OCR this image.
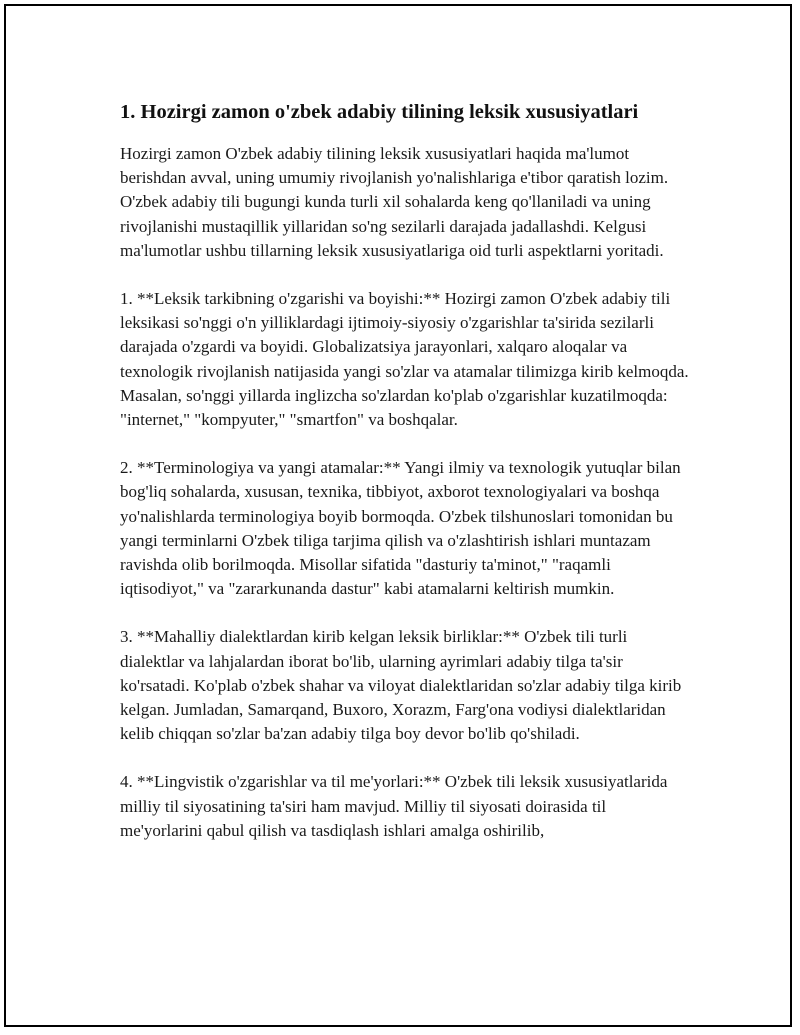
1. Hozirgi zamon o'zbek adabiy tilining leksik xususiyatlari

Hozirgi zamon O'zbek adabiy tilining leksik xususiyatlari haqida ma'lumot berishdan avval, uning umumiy rivojlanish yo'nalishlariga e'tibor qaratish lozim. O'zbek adabiy tili bugungi kunda turli xil sohalarda keng qo'llaniladi va uning rivojlanishi mustaqillik yillaridan so'ng sezilarli darajada jadallashdi. Kelgusi ma'lumotlar ushbu tillarning leksik xususiyatlariga oid turli aspektlarni yoritadi.

1. **Leksik tarkibning o'zgarishi va boyishi:** Hozirgi zamon O'zbek adabiy tili leksikasi so'nggi o'n yilliklardagi ijtimoiy-siyosiy o'zgarishlar ta'sirida sezilarli darajada o'zgardi va boyidi. Globalizatsiya jarayonlari, xalqaro aloqalar va texnologik rivojlanish natijasida yangi so'zlar va atamalar tilimizga kirib kelmoqda. Masalan, so'nggi yillarda inglizcha so'zlardan ko'plab o'zgarishlar kuzatilmoqda: "internet," "kompyuter," "smartfon" va boshqalar.

2. **Terminologiya va yangi atamalar:** Yangi ilmiy va texnologik yutuqlar bilan bog'liq sohalarda, xususan, texnika, tibbiyot, axborot texnologiyalari va boshqa yo'nalishlarda terminologiya boyib bormoqda. O'zbek tilshunoslari tomonidan bu yangi terminlarni O'zbek tiliga tarjima qilish va o'zlashtirish ishlari muntazam ravishda olib borilmoqda. Misollar sifatida "dasturiy ta'minot," "raqamli iqtisodiyot," va "zararkunanda dastur" kabi atamalarni keltirish mumkin.

3. **Mahalliy dialektlardan kirib kelgan leksik birliklar:** O'zbek tili turli dialektlar va lahjalardan iborat bo'lib, ularning ayrimlari adabiy tilga ta'sir ko'rsatadi. Ko'plab o'zbek shahar va viloyat dialektlaridan so'zlar adabiy tilga kirib kelgan. Jumladan, Samarqand, Buxoro, Xorazm, Farg'ona vodiysi dialektlaridan kelib chiqqan so'zlar ba'zan adabiy tilga boy devor bo'lib qo'shiladi.

4. **Lingvistik o'zgarishlar va til me'yorlari:** O'zbek tili leksik xususiyatlarida milliy til siyosatining ta'siri ham mavjud. Milliy til siyosati doirasida til me'yorlarini qabul qilish va tasdiqlash ishlari amalga oshirilib,
